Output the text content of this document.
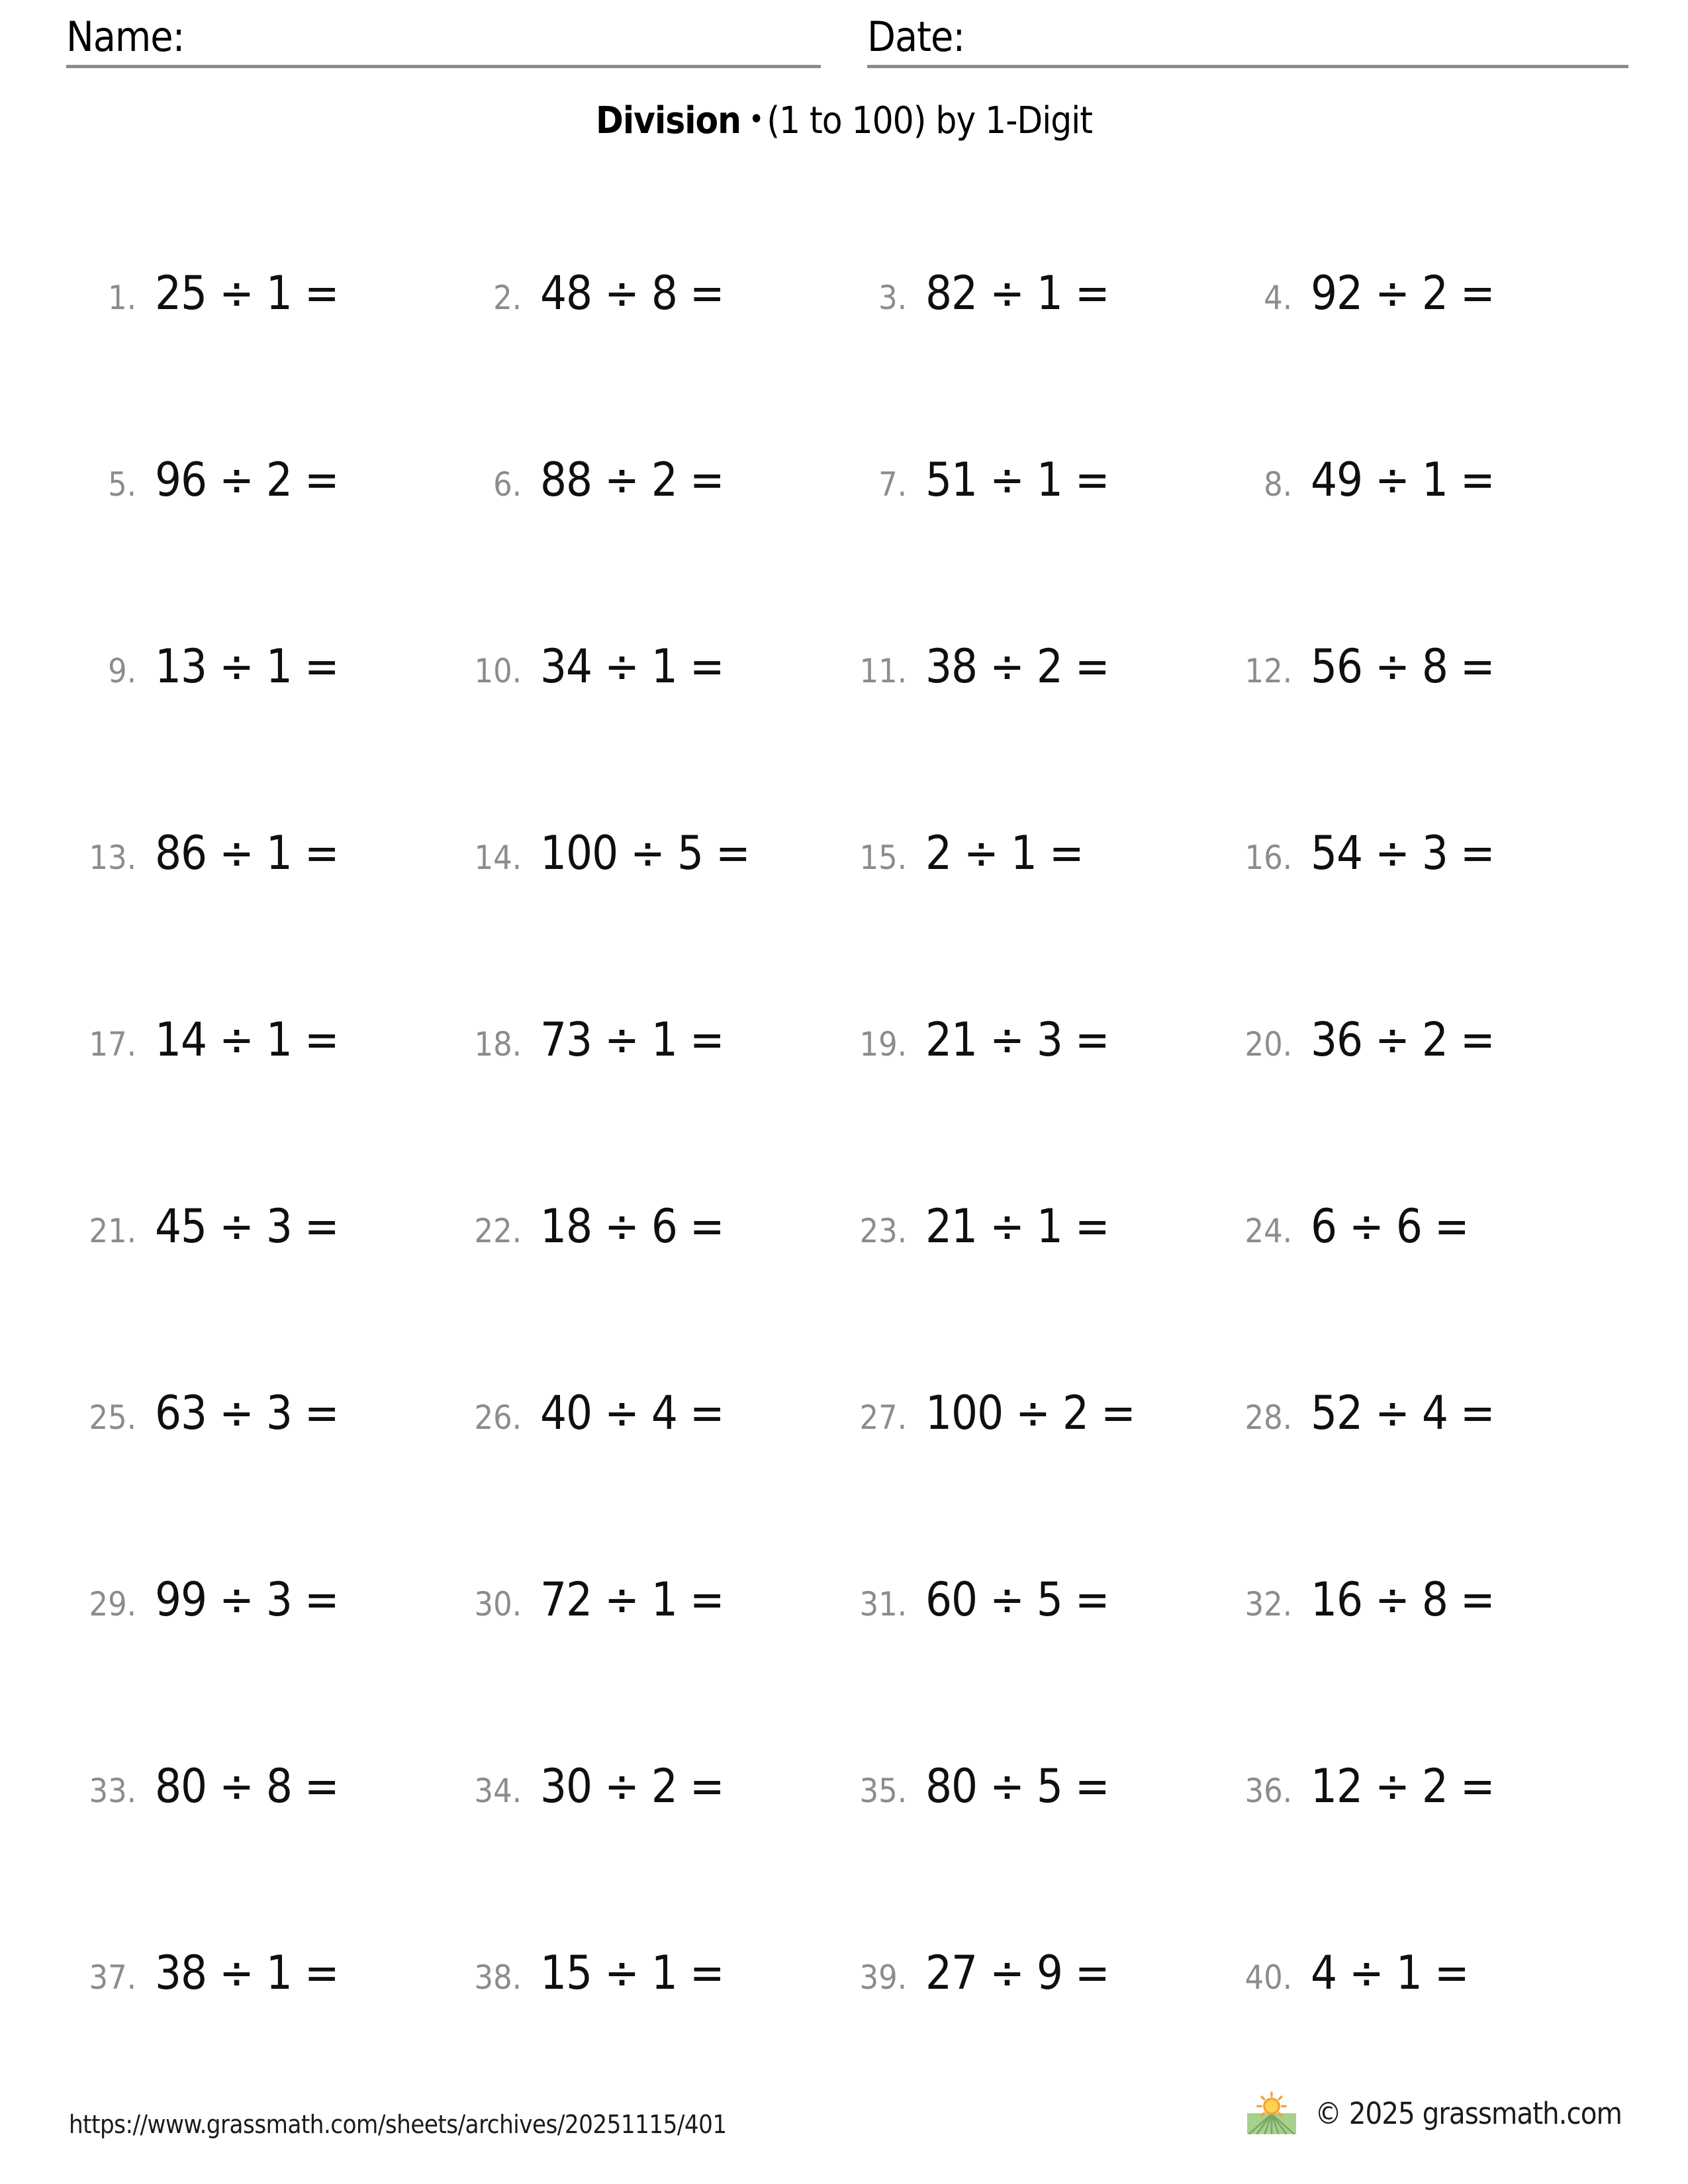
Name:	Date:
Division •(1 to 100) by 1-Digit
1. 25 ÷ 1 =	2. 48 ÷ 8 =	3. 82 ÷ 1 =	4. 92 ÷ 2 =
5. 96 ÷ 2 =	6. 88 ÷ 2 =	7. 51 ÷ 1 =	8. 49 ÷ 1 =
9. 13 ÷ 1 =	10. 34 ÷ 1 =	11. 38 ÷ 2 =	12. 56 ÷ 8 =
13. 86 ÷ 1 =	14. 100 ÷ 5 =	15. 2 ÷ 1 =	16. 54 ÷ 3 =
17. 14 ÷ 1 =	18. 73 ÷ 1 =	19. 21 ÷ 3 =	20. 36 ÷ 2 =
21. 45 ÷ 3 =	22. 18 ÷ 6 =	23. 21 ÷ 1 =	24. 6 ÷ 6 =
25. 63 ÷ 3 =	26. 40 ÷ 4 =	27. 100 ÷ 2 =	28. 52 ÷ 4 =
29. 99 ÷ 3 =	30. 72 ÷ 1 =	31. 60 ÷ 5 =	32. 16 ÷ 8 =
33. 80 ÷ 8 =	34. 30 ÷ 2 =	35. 80 ÷ 5 =	36. 12 ÷ 2 =
37. 38 ÷ 1 =	38. 15 ÷ 1 =	39. 27 ÷ 9 =	40. 4 ÷ 1 =
https://www.grassmath.com/sheets/archives/20251115/401	© 2025 grassmath.com
